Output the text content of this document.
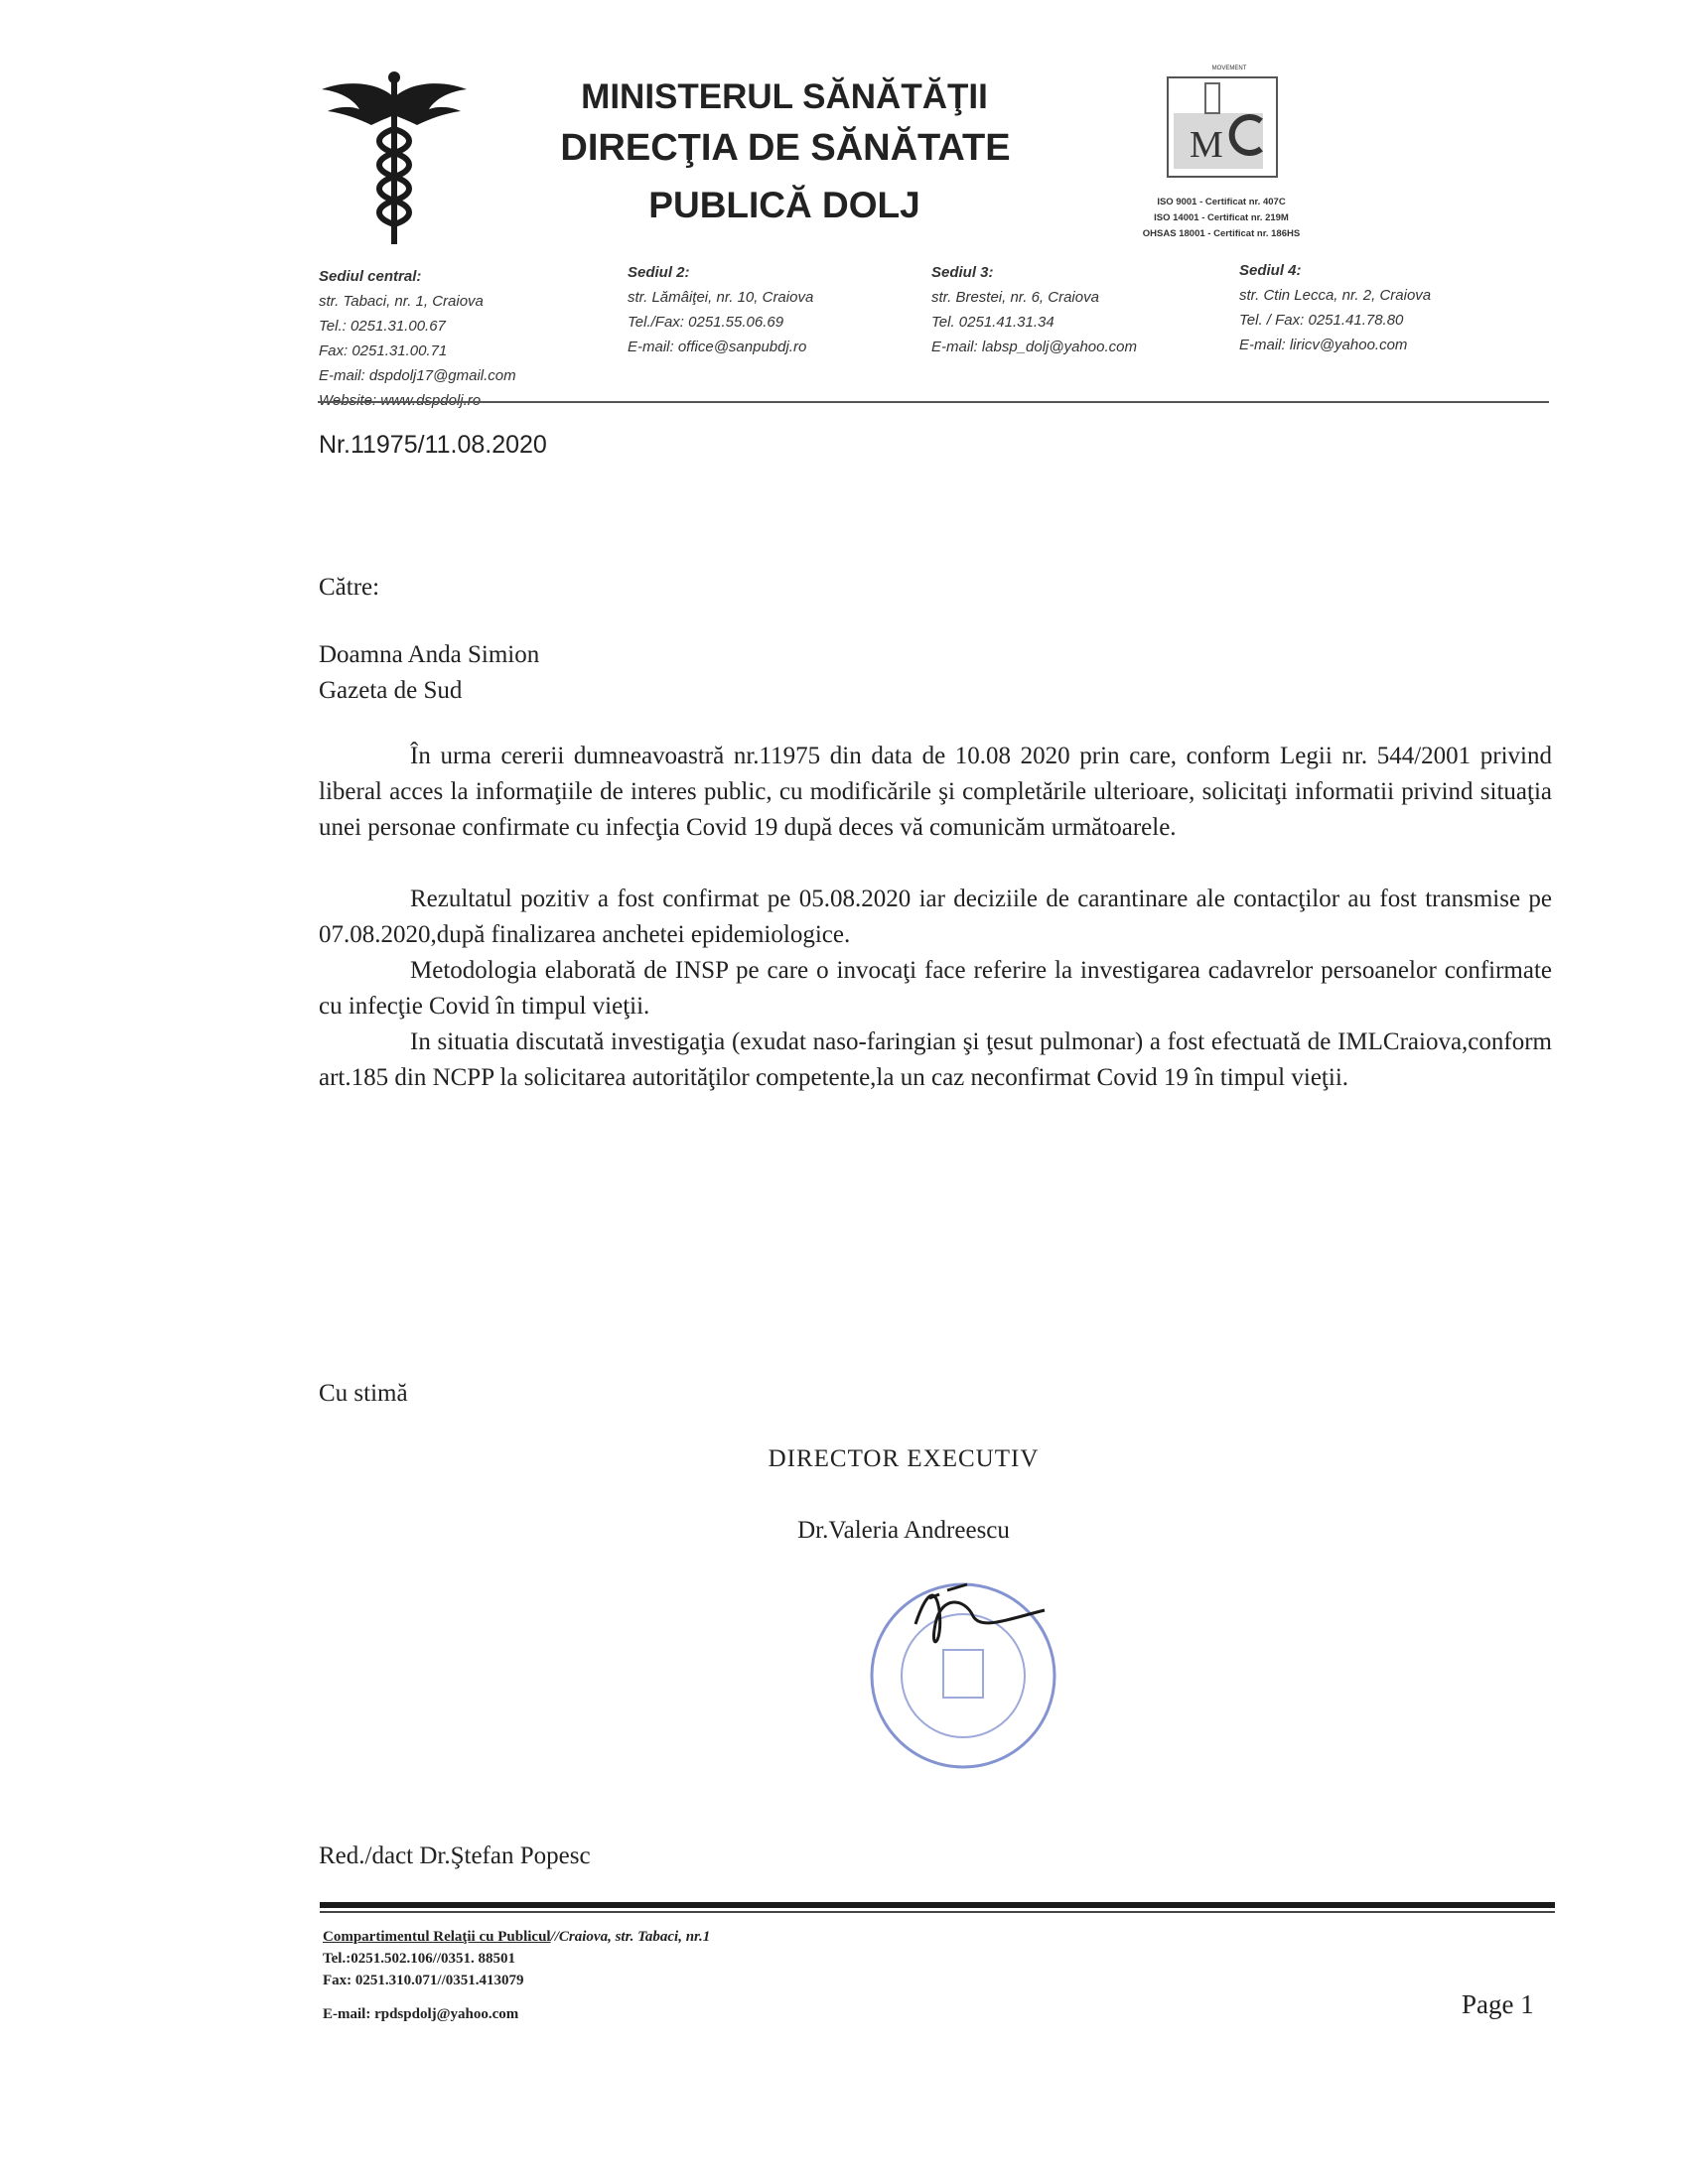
MINISTERUL SĂNĂTĂŢII
DIRECŢIA DE SĂNĂTATE
PUBLICĂ DOLJ
MOVEMENT
M
ISO 9001 - Certificat nr. 407C
ISO 14001 - Certificat nr. 219M
OHSAS 18001 - Certificat nr. 186HS
Sediul central:
str. Tabaci, nr. 1, Craiova
Tel.: 0251.31.00.67
Fax: 0251.31.00.71
E-mail: dspdolj17@gmail.com
Sediul 2:
str. Lămâiţei, nr. 10, Craiova
Tel./Fax: 0251.55.06.69
E-mail: office@sanpubdj.ro
Sediul 3:
str. Brestei, nr. 6, Craiova
Tel. 0251.41.31.34
E-mail: labsp_dolj@yahoo.com
Sediul 4:
str. Ctin Lecca, nr. 2, Craiova
Tel. / Fax: 0251.41.78.80
E-mail: liricv@yahoo.com
Nr.11975/11.08.2020
Către:
Doamna Anda Simion
Gazeta de Sud
În urma cererii dumneavoastră nr.11975 din data de 10.08 2020 prin care, conform Legii nr. 544/2001 privind liberal acces la informaţiile de interes public, cu modificările şi completările ulterioare, solicitaţi informatii privind situaţia unei personae confirmate cu infecţia Covid 19 după deces vă comunicăm următoarele.
Rezultatul pozitiv a fost confirmat pe 05.08.2020 iar deciziile de carantinare ale contacţilor au fost transmise pe 07.08.2020,după finalizarea anchetei epidemiologice.
Metodologia elaborată de INSP pe care o invocaţi face referire la investigarea cadavrelor persoanelor confirmate cu infecţie Covid în timpul vieţii.
In situatia discutată investigaţia (exudat naso-faringian şi ţesut pulmonar) a fost efectuată de IMLCraiova,conform art.185 din NCPP la solicitarea autorităţilor competente,la un caz neconfirmat Covid 19 în timpul vieţii.
Cu stimă
DIRECTOR EXECUTIV
Dr.Valeria Andreescu
Red./dact Dr.Ştefan Popesc
Compartimentul Relaţii cu Publicul//Craiova, str. Tabaci, nr.1
Tel.:0251.502.106//0351. 88501
Fax: 0251.310.071//0351.413079
E-mail: rpdspdolj@yahoo.com	Page 1
